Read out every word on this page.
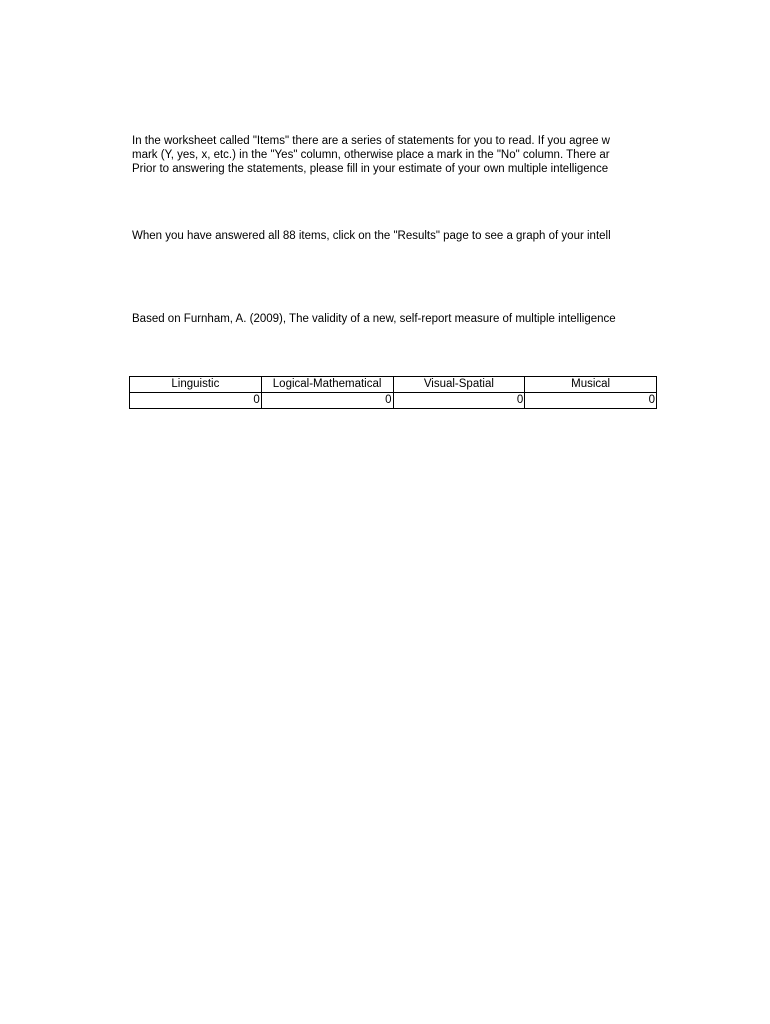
In the worksheet called "Items" there are a series of statements for you to read. If you agree w
mark (Y, yes, x, etc.) in the "Yes" column, otherwise place a mark in the "No" column. There ar
Prior to answering the statements, please fill in your estimate of your own multiple intelligence
When you have answered all 88 items, click on the "Results" page to see a graph of your intell
Based on Furnham, A. (2009), The validity of a new, self-report measure of multiple intelligence
Linguistic	Logical-Mathematical	Visual-Spatial	Musical
0	0	0	0
